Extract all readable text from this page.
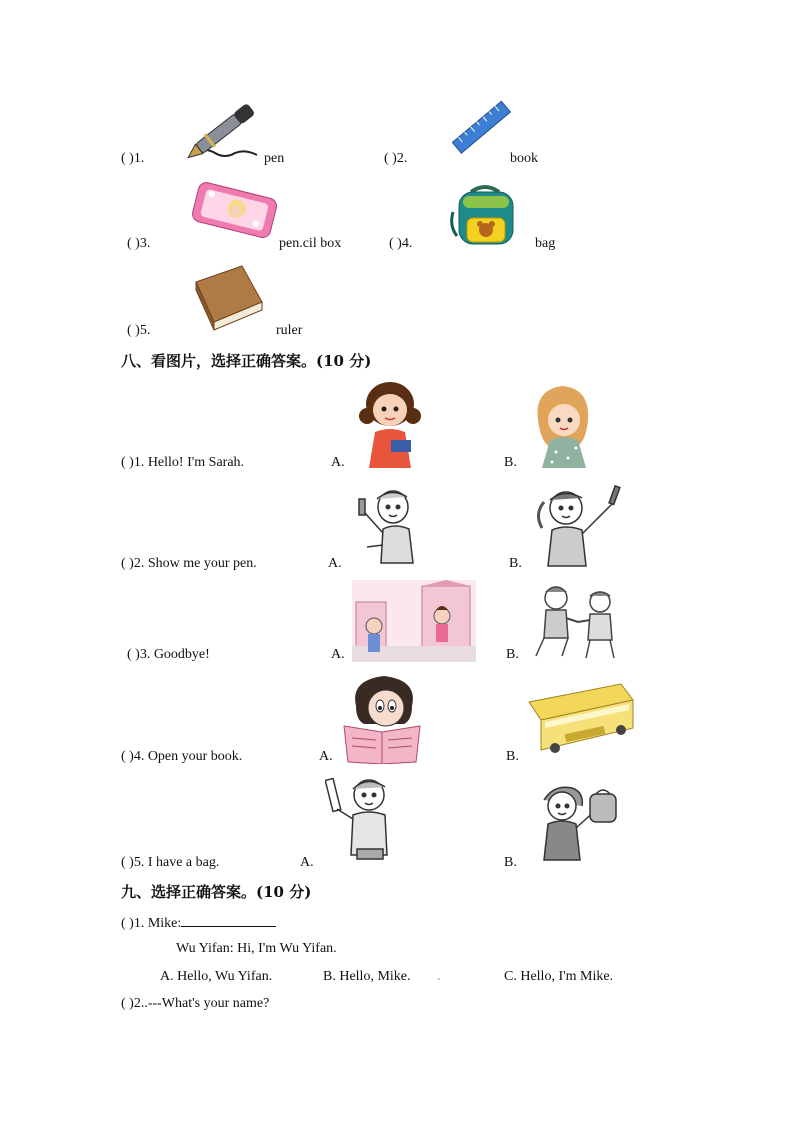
( )1.	pen	( )2.	book
( )3.	pen.cil box	( )4.	bag
( )5.	ruler
八、看图片，选择正确答案。(10 分)
( )1. Hello! I'm Sarah.	A.	B.
( )2. Show me your pen.	A.	B.
( )3. Goodbye!	A.	B.
( )4. Open your book.	A.	B.
( )5. I have a bag.	A.	B.
九、选择正确答案。(10 分)
( )1. Mike:
Wu Yifan: Hi, I'm Wu Yifan.
A. Hello, Wu Yifan.	B. Hello, Mike. .	C. Hello, I'm Mike.
( )2..---What's your name?
